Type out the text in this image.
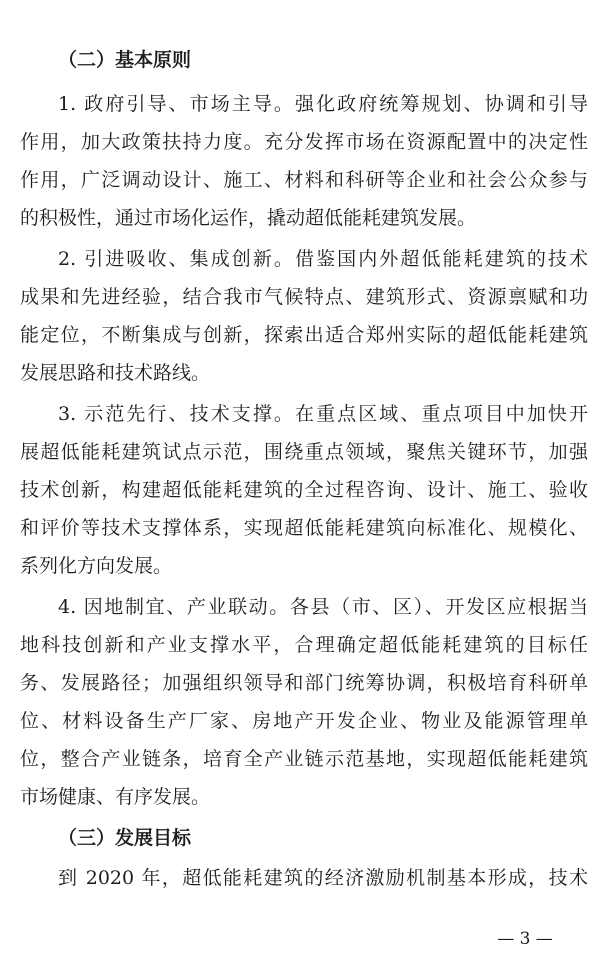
（二）基本原则
1. 政府引导、市场主导。强化政府统筹规划、协调和引导
作用，加大政策扶持力度。充分发挥市场在资源配置中的决定性
作用，广泛调动设计、施工、材料和科研等企业和社会公众参与
的积极性，通过市场化运作，撬动超低能耗建筑发展。
2. 引进吸收、集成创新。借鉴国内外超低能耗建筑的技术
成果和先进经验，结合我市气候特点、建筑形式、资源禀赋和功
能定位，不断集成与创新，探索出适合郑州实际的超低能耗建筑
发展思路和技术路线。
3. 示范先行、技术支撑。在重点区域、重点项目中加快开
展超低能耗建筑试点示范，围绕重点领域，聚焦关键环节，加强
技术创新，构建超低能耗建筑的全过程咨询、设计、施工、验收
和评价等技术支撑体系，实现超低能耗建筑向标准化、规模化、
系列化方向发展。
4. 因地制宜、产业联动。各县（市、区）、开发区应根据当
地科技创新和产业支撑水平，合理确定超低能耗建筑的目标任
务、发展路径；加强组织领导和部门统筹协调，积极培育科研单
位、材料设备生产厂家、房地产开发企业、物业及能源管理单
位，整合产业链条，培育全产业链示范基地，实现超低能耗建筑
市场健康、有序发展。
（三）发展目标
到 2020 年，超低能耗建筑的经济激励机制基本形成，技术
— 3 —
